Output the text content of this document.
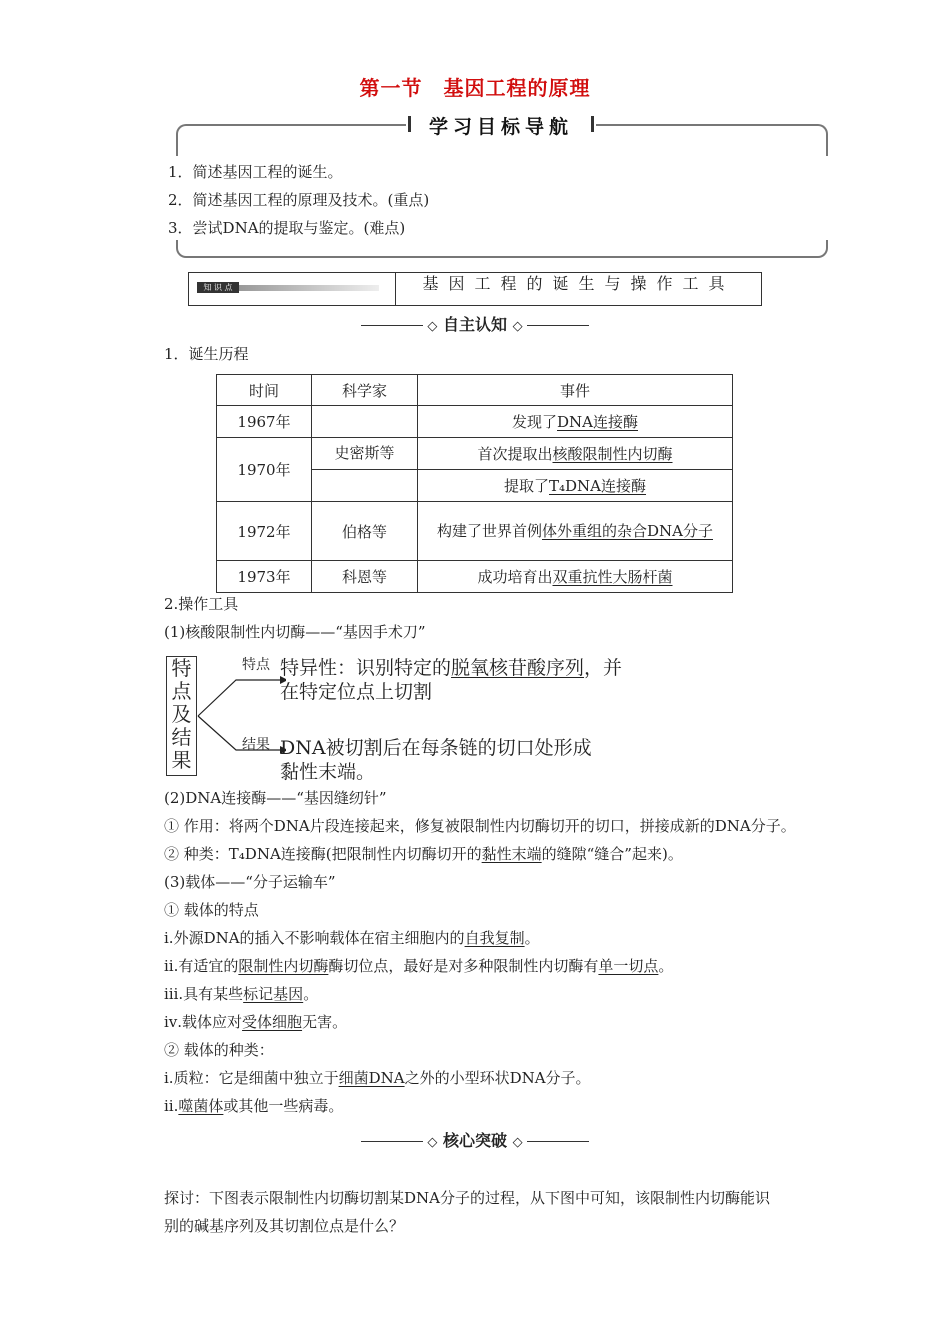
第一节　基因工程的原理
学习目标导航
1．简述基因工程的诞生。
2．简述基因工程的原理及技术。(重点)
3．尝试DNA的提取与鉴定。(难点)
知 识 点	基因工程的诞生与操作工具
◇ 自主认知 ◇
1．诞生历程
时间	科学家	事件
1967年		发现了DNA连接酶
1970年	史密斯等	首次提取出核酸限制性内切酶
		提取了T₄DNA连接酶
1972年	伯格等	构建了世界首例体外重组的杂合DNA分子
1973年	科恩等	成功培育出双重抗性大肠杆菌
2.操作工具
(1)核酸限制性内切酶——“基因手术刀”
特
点
及
结
果
特点 特异性：识别特定的脱氧核苷酸序列，并
在特定位点上切割
结果 DNA被切割后在每条链的切口处形成
黏性末端。
(2)DNA连接酶——“基因缝纫针”
① 作用：将两个DNA片段连接起来，修复被限制性内切酶切开的切口，拼接成新的DNA分子。
② 种类：T₄DNA连接酶(把限制性内切酶切开的黏性末端的缝隙“缝合”起来)。
(3)载体——“分子运输车”
① 载体的特点
ⅰ.外源DNA的插入不影响载体在宿主细胞内的自我复制。
ⅱ.有适宜的限制性内切酶酶切位点，最好是对多种限制性内切酶有单一切点。
ⅲ.具有某些标记基因。
ⅳ.载体应对受体细胞无害。
② 载体的种类：
ⅰ.质粒：它是细菌中独立于细菌DNA之外的小型环状DNA分子。
ⅱ.噬菌体或其他一些病毒。
◇ 核心突破 ◇
探讨：下图表示限制性内切酶切割某DNA分子的过程，从下图中可知，该限制性内切酶能识
别的碱基序列及其切割位点是什么？
